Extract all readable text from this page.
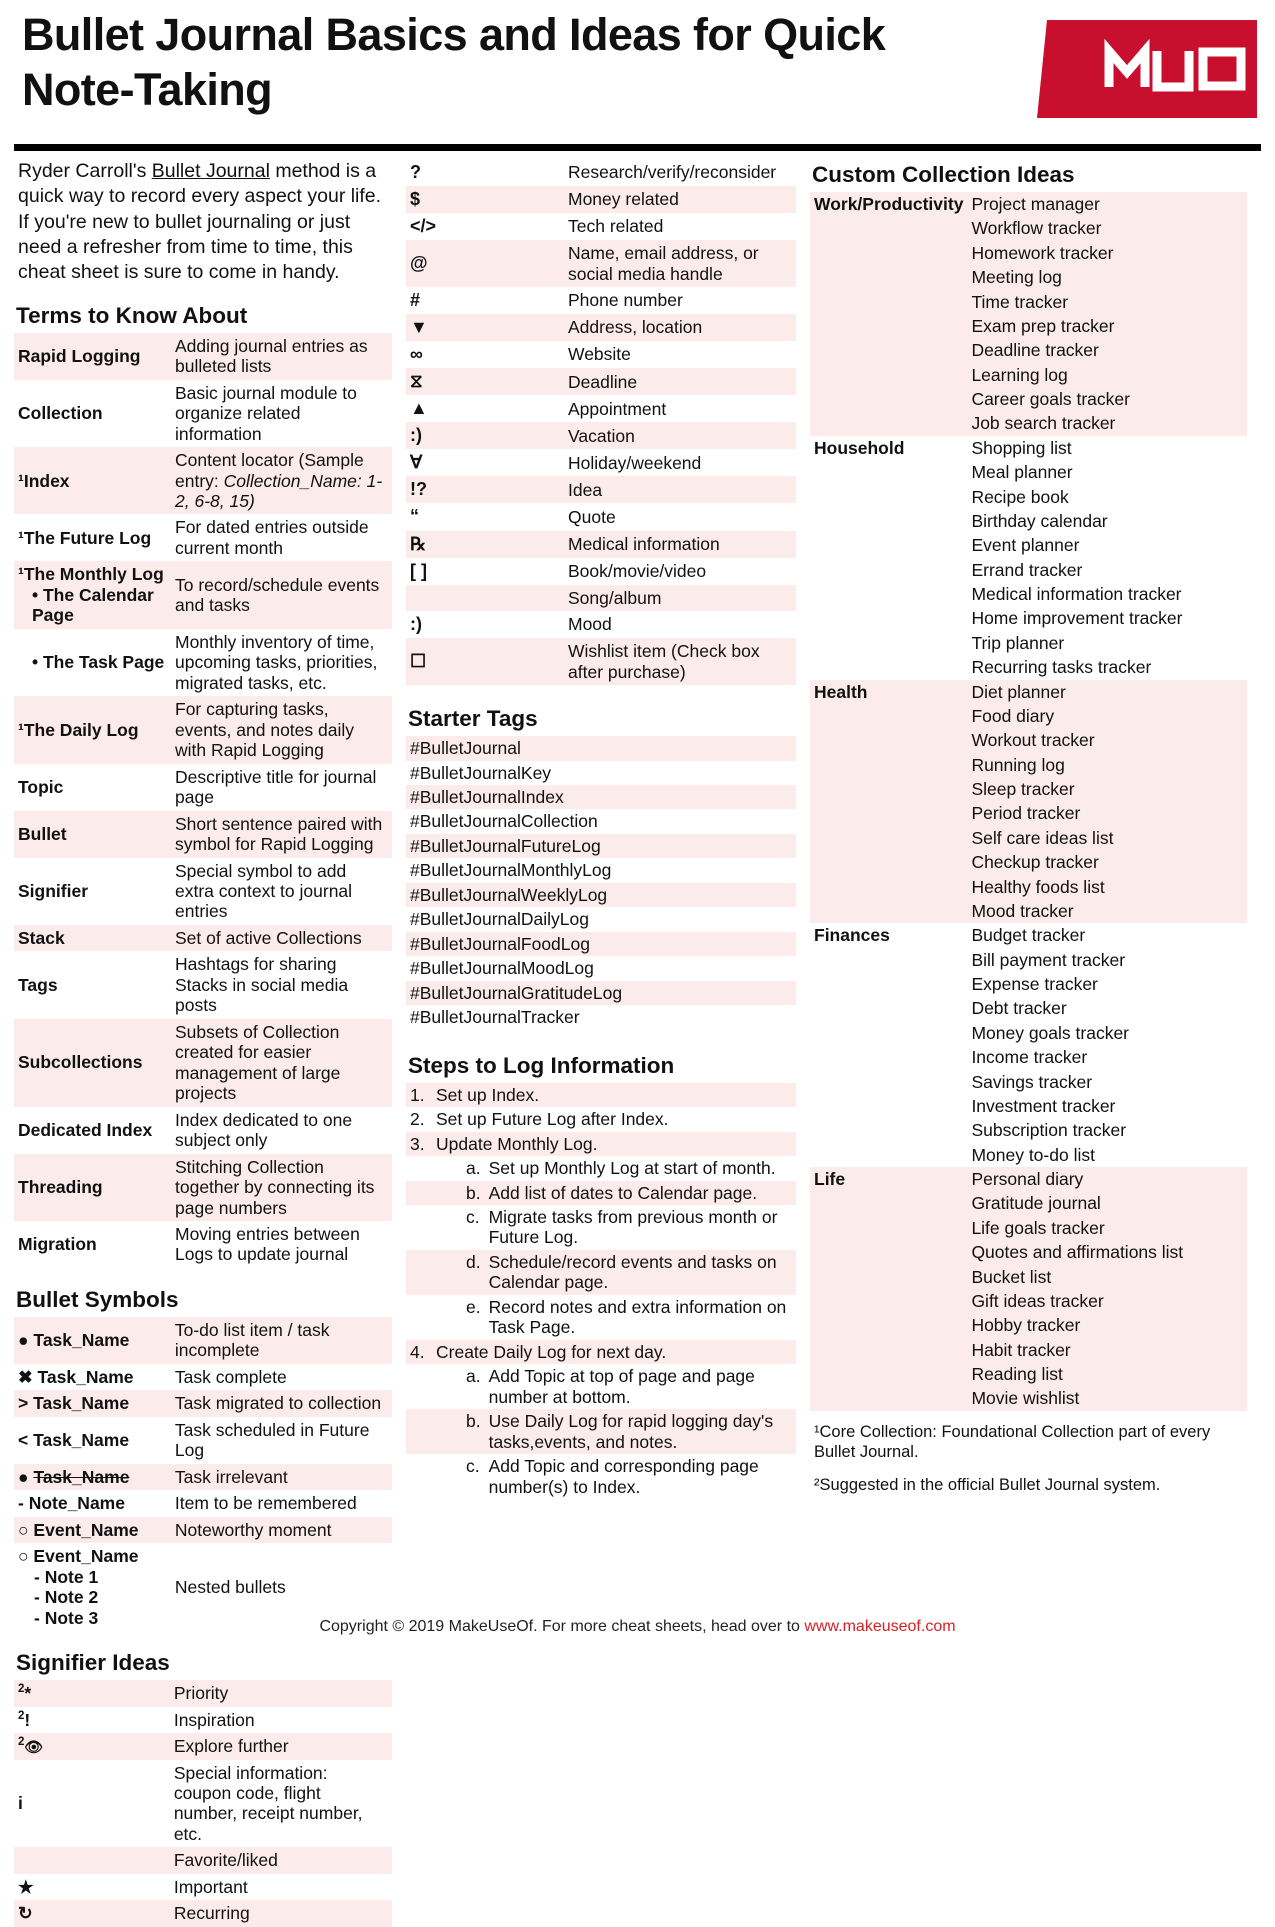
Bullet Journal Basics and Ideas for Quick Note-Taking
Ryder Carroll's Bullet Journal method is a quick way to record every aspect your life. If you're new to bullet journaling or just need a refresher from time to time, this cheat sheet is sure to come in handy.
Terms to Know About
Rapid Logging	Adding journal entries as bulleted lists
Collection	Basic journal module to organize related information
¹Index	Content locator (Sample entry: Collection_Name: 1-2, 6-8, 15)
¹The Future Log	For dated entries outside current month
¹The Monthly Log
• The Calendar Page	To record/schedule events and tasks

• The Task Page	Monthly inventory of time, upcoming tasks, priorities, migrated tasks, etc.
¹The Daily Log	For capturing tasks, events, and notes daily with Rapid Logging
Topic	Descriptive title for journal page
Bullet	Short sentence paired with symbol for Rapid Logging
Signifier	Special symbol to add extra context to journal entries
Stack	Set of active Collections
Tags	Hashtags for sharing Stacks in social media posts
Subcollections	Subsets of Collection created for easier management of large projects
Dedicated Index	Index dedicated to one subject only
Threading	Stitching Collection together by connecting its page numbers
Migration	Moving entries between Logs to update journal
Bullet Symbols
● Task_Name	To-do list item / task incomplete
✖ Task_Name	Task complete
> Task_Name	Task migrated to collection
< Task_Name	Task scheduled in Future Log
● Task_Name	Task irrelevant
- Note_Name	Item to be remembered
○ Event_Name	Noteworthy moment
○ Event_Name
- Note 1
- Note 2
- Note 3	Nested bullets
Signifier Ideas
$^2$*	Priority
$^2$!	Inspiration
$^2$👁	Explore further
i	Special information: coupon code, flight number, receipt number, etc.
	Favorite/liked
★	Important
↻	Recurring
?	Research/verify/reconsider
$	Money related
</>	Tech related
@	Name, email address, or social media handle
#	Phone number
▼	Address, location
∞	Website
⧖	Deadline
▲	Appointment
:)	Vacation
∀	Holiday/weekend
!?	Idea
“	Quote
℞	Medical information
[ ]	Book/movie/video
	Song/album
:)	Mood
☐	Wishlist item (Check box after purchase)
Starter Tags
#BulletJournal
#BulletJournalKey
#BulletJournalIndex
#BulletJournalCollection
#BulletJournalFutureLog
#BulletJournalMonthlyLog
#BulletJournalWeeklyLog
#BulletJournalDailyLog
#BulletJournalFoodLog
#BulletJournalMoodLog
#BulletJournalGratitudeLog
#BulletJournalTracker
Steps to Log Information
1.	Set up Index.	
2.	Set up Future Log after Index.	
3.	Update Monthly Log.	
	a.	Set up Monthly Log at start of month.
	b.	Add list of dates to Calendar page.
	c.	Migrate tasks from previous month or Future Log.
	d.	Schedule/record events and tasks on Calendar page.
	e.	Record notes and extra information on Task Page.
4.	Create Daily Log for next day.	
	a.	Add Topic at top of page and page number at bottom.
	b.	Use Daily Log for rapid logging day's tasks,events, and notes.
	c.	Add Topic and corresponding page number(s) to Index.
Custom Collection Ideas
Work/Productivity	Project manager
	Workflow tracker
	Homework tracker
	Meeting log
	Time tracker
	Exam prep tracker
	Deadline tracker
	Learning log
	Career goals tracker
	Job search tracker
Household	Shopping list
	Meal planner
	Recipe book
	Birthday calendar
	Event planner
	Errand tracker
	Medical information tracker
	Home improvement tracker
	Trip planner
	Recurring tasks tracker
Health	Diet planner
	Food diary
	Workout tracker
	Running log
	Sleep tracker
	Period tracker
	Self care ideas list
	Checkup tracker
	Healthy foods list
	Mood tracker
Finances	Budget tracker
	Bill payment tracker
	Expense tracker
	Debt tracker
	Money goals tracker
	Income tracker
	Savings tracker
	Investment tracker
	Subscription tracker
	Money to-do list
Life	Personal diary
	Gratitude journal
	Life goals tracker
	Quotes and affirmations list
	Bucket list
	Gift ideas tracker
	Hobby tracker
	Habit tracker
	Reading list
	Movie wishlist
¹Core Collection: Foundational Collection part of every Bullet Journal.
²Suggested in the official Bullet Journal system.
Copyright © 2019 MakeUseOf. For more cheat sheets, head over to www.makeuseof.com
